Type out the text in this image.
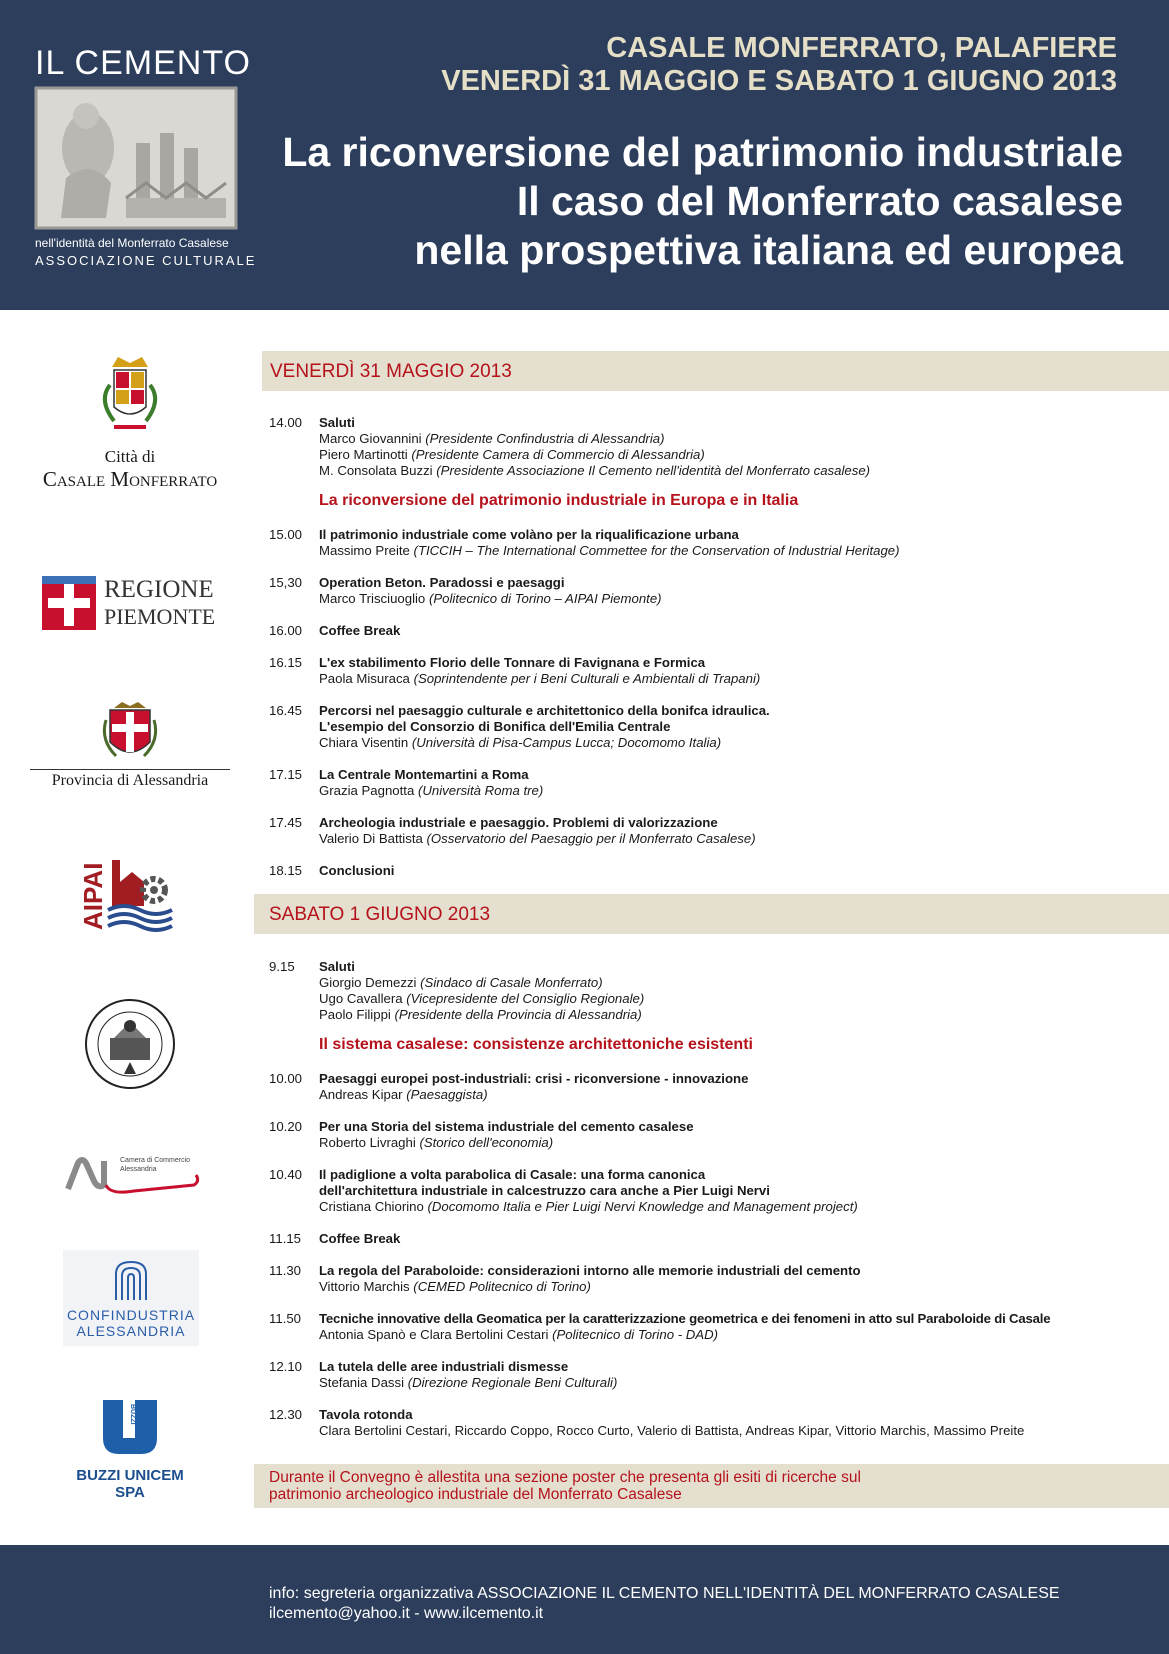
IL CEMENTO
nell'identità del Monferrato Casalese
ASSOCIAZIONE CULTURALE
CASALE MONFERRATO, PALAFIERE
VENERDÌ 31 MAGGIO E SABATO 1 GIUGNO 2013
La riconversione del patrimonio industriale
Il caso del Monferrato casalese
nella prospettiva italiana ed europea
Città di
Casale Monferrato
REGIONE
PIEMONTE
Provincia di Alessandria
AIPAI
Camera di Commercio
Alessandria
CONFINDUSTRIA
ALESSANDRIA
BUZZI
BUZZI UNICEM SPA
VENERDÌ 31 MAGGIO 2013
14.00	Saluti
Marco Giovannini (Presidente Confindustria di Alessandria)
Piero Martinotti (Presidente Camera di Commercio di Alessandria)
M. Consolata Buzzi (Presidente Associazione Il Cemento nell'identità del Monferrato casalese)
La riconversione del patrimonio industriale in Europa e in Italia
15.00	Il patrimonio industriale come volàno per la riqualificazione urbana
Massimo Preite (TICCIH – The International Commettee for the Conservation of Industrial Heritage)
15,30	Operation Beton. Paradossi e paesaggi
Marco Trisciuoglio (Politecnico di Torino – AIPAI Piemonte)
16.00	Coffee Break
16.15	L'ex stabilimento Florio delle Tonnare di Favignana e Formica
Paola Misuraca (Soprintendente per i Beni Culturali e Ambientali di Trapani)
16.45	Percorsi nel paesaggio culturale e architettonico della bonifca idraulica.
L'esempio del Consorzio di Bonifica dell'Emilia Centrale
Chiara Visentin (Università di Pisa-Campus Lucca; Docomomo Italia)
17.15	La Centrale Montemartini a Roma
Grazia Pagnotta (Università Roma tre)
17.45	Archeologia industriale e paesaggio. Problemi di valorizzazione
Valerio Di Battista (Osservatorio del Paesaggio per il Monferrato Casalese)
18.15	Conclusioni
SABATO 1 GIUGNO 2013
9.15	Saluti
Giorgio Demezzi (Sindaco di Casale Monferrato)
Ugo Cavallera (Vicepresidente del Consiglio Regionale)
Paolo Filippi (Presidente della Provincia di Alessandria)
Il sistema casalese: consistenze architettoniche esistenti
10.00	Paesaggi europei post-industriali: crisi - riconversione - innovazione
Andreas Kipar (Paesaggista)
10.20	Per una Storia del sistema industriale del cemento casalese
Roberto Livraghi (Storico dell'economia)
10.40	Il padiglione a volta parabolica di Casale: una forma canonica
dell'architettura industriale in calcestruzzo cara anche a Pier Luigi Nervi
Cristiana Chiorino (Docomomo Italia e Pier Luigi Nervi Knowledge and Management project)
11.15	Coffee Break
11.30	La regola del Paraboloide: considerazioni intorno alle memorie industriali del cemento
Vittorio Marchis (CEMED Politecnico di Torino)
11.50	Tecniche innovative della Geomatica per la caratterizzazione geometrica e dei fenomeni in atto sul Paraboloide di Casale
Antonia Spanò e Clara Bertolini Cestari (Politecnico di Torino - DAD)
12.10	La tutela delle aree industriali dismesse
Stefania Dassi (Direzione Regionale Beni Culturali)
12.30	Tavola rotonda
Clara Bertolini Cestari, Riccardo Coppo, Rocco Curto, Valerio di Battista, Andreas Kipar, Vittorio Marchis, Massimo Preite
Durante il Convegno è allestita una sezione poster che presenta gli esiti di ricerche sul
patrimonio archeologico industriale del Monferrato Casalese
info: segreteria organizzativa ASSOCIAZIONE IL CEMENTO NELL'IDENTITÀ DEL MONFERRATO CASALESE
ilcemento@yahoo.it - www.ilcemento.it
